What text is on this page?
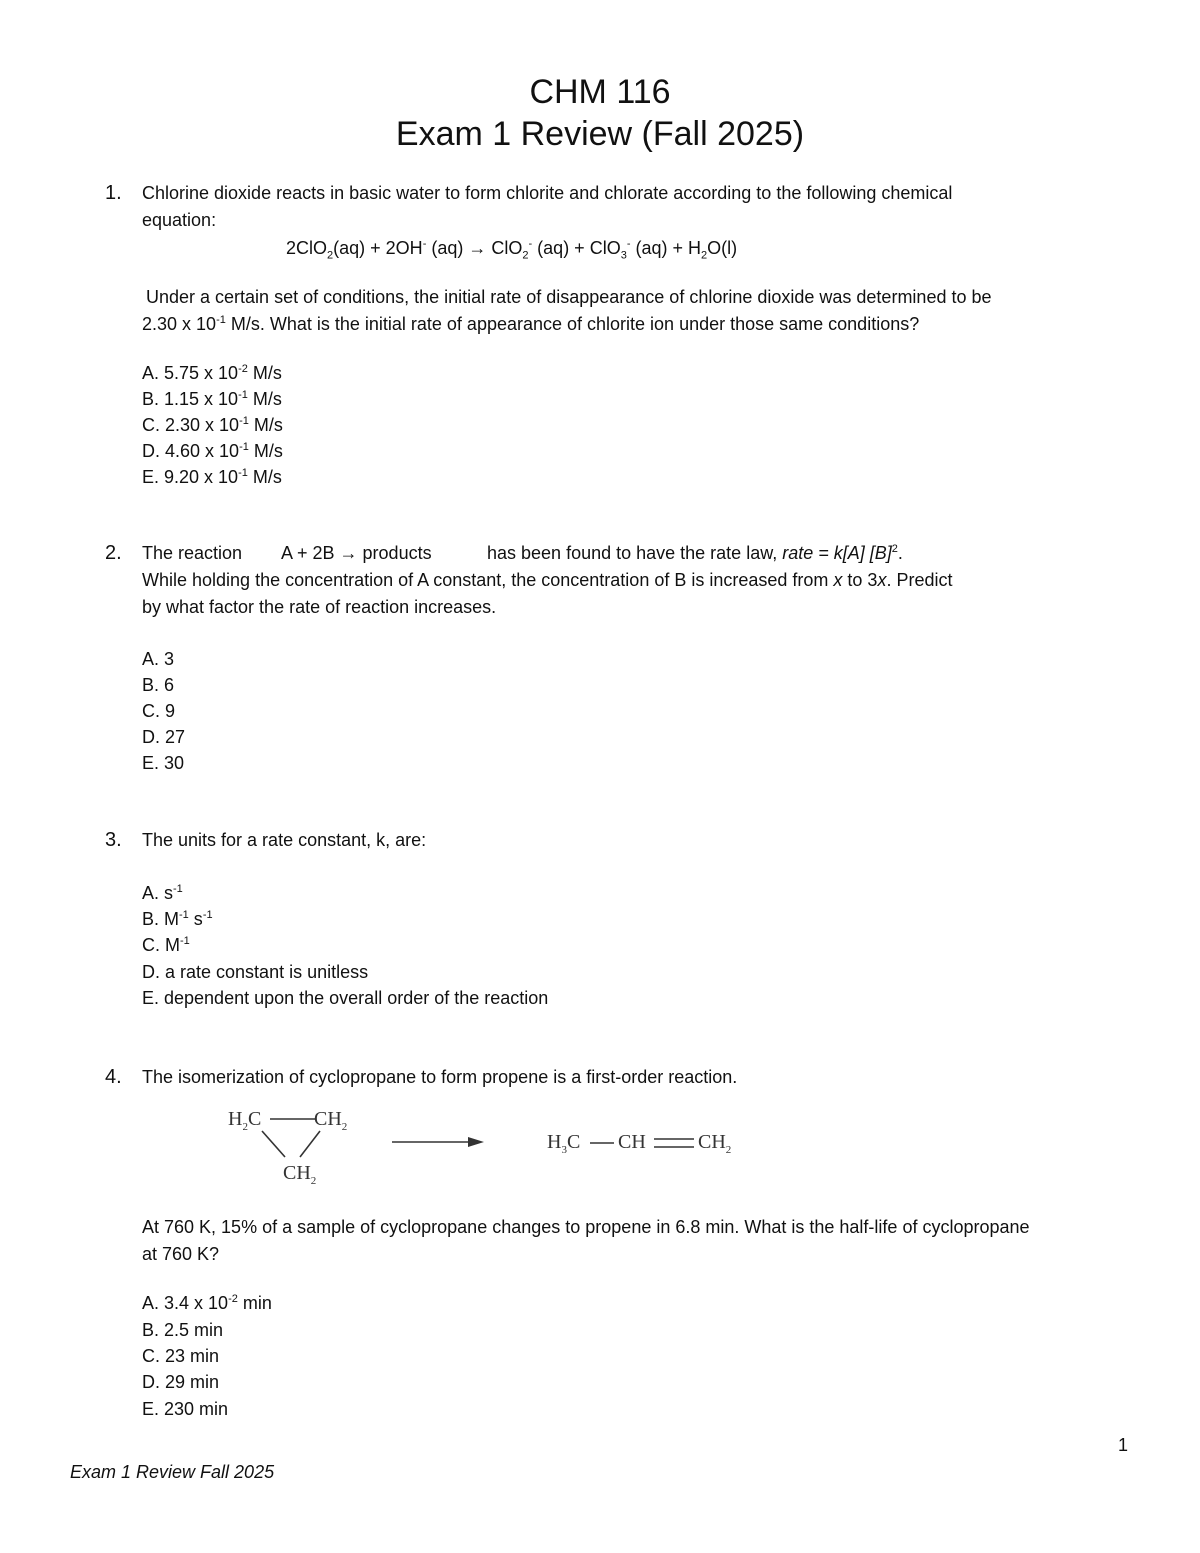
CHM 116
Exam 1 Review (Fall 2025)
1. Chlorine dioxide reacts in basic water to form chlorite and chlorate according to the following chemical
equation:
2ClO$_2$(aq) + 2OH- (aq) → ClO$_2$- (aq) + ClO$_3$- $(aq) + H_2O(l)$
Under a certain set of conditions, the initial rate of disappearance of chlorine dioxide was determined to be
2.30 x $10^{-1}$ M/s. What is the initial rate of appearance of chlorite ion under those same conditions?
A. 5.75 x $10^{-2}$ M/s
B. 1.15 x $10^{-1}$ M/s
C. 2.30 x $10^{-1}$ M/s
D. 4.60 x $10^{-1}$ M/s
E. 9.20 x $10^{-1}$ M/s
2. The reaction A + 2B → products	has been found to have the rate law, rate = k[A] $[B]^2$.
While holding the concentration of A constant, the concentration of B is increased from x to 3x. Predict
by what factor the rate of reaction increases.
A. 3
B. 6
C. 9
D. 27
E. 30
3. The units for a rate constant, k, are:
A. $s^{-1}$
B. $M^{-1}$ $s^{-1}$
C. $M^{-1}$
D. a rate constant is unitless
E. dependent upon the overall order of the reaction
4. The isomerization of cyclopropane to form propene is a first-order reaction.
$H_2C$	$CH_2$
$CH_2$
$H_3C$ CH	$CH_2$
At 760 K, 15% of a sample of cyclopropane changes to propene in 6.8 min. What is the half-life of cyclopropane
at 760 K?
A. 3.4 x $10^{-2}$ min
B. 2.5 min
C. 23 min
D. 29 min
E. 230 min
1
Exam 1 Review Fall 2025
